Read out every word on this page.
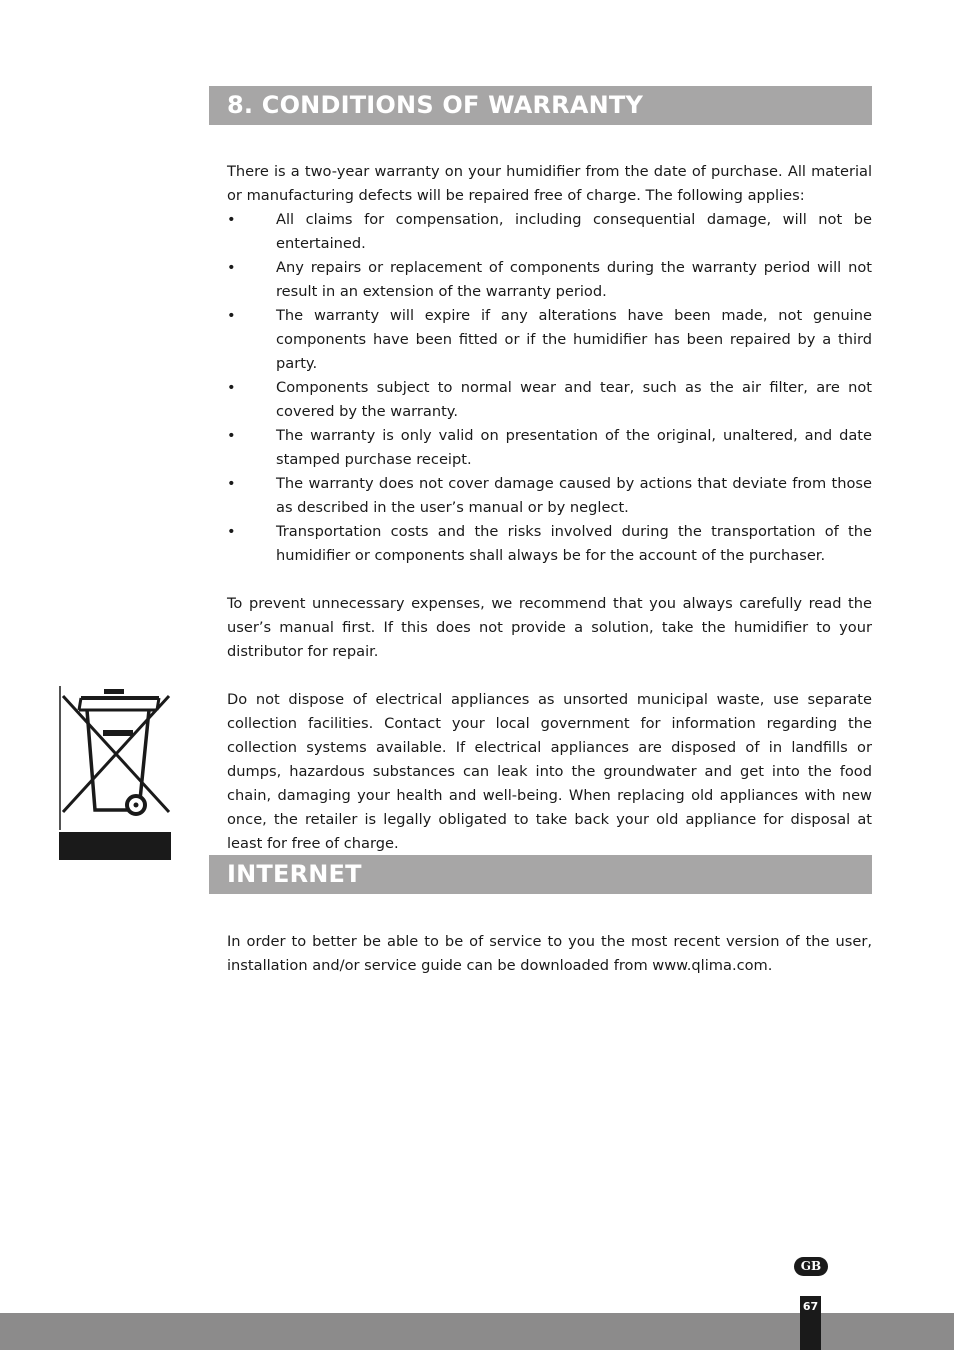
8. CONDITIONS OF WARRANTY

There is a two-year warranty on your humidifier from the date of purchase. All material or manufacturing defects will be repaired free of charge. The following applies:

•	All claims for compensation, including consequential damage, will not be entertained.
•	Any repairs or replacement of components during the warranty period will not result in an extension of the warranty period.
•	The warranty will expire if any alterations have been made, not genuine components have been fitted or if the humidifier has been repaired by a third party.
•	Components subject to normal wear and tear, such as the air filter, are not covered by the warranty.
•	The warranty is only valid on presentation of the original, unaltered, and date stamped purchase receipt.
•	The warranty does not cover damage caused by actions that deviate from those as described in the user’s manual or by neglect.
•	Transportation costs and the risks involved during the transportation of the humidifier or components shall always be for the account of the purchaser.

To prevent unnecessary expenses, we recommend that you always carefully read the user’s manual first. If this does not provide a solution, take the humidifier to your distributor for repair.

Do not dispose of electrical appliances as unsorted municipal waste, use separate collection facilities. Contact your local government for information regarding the collection systems available. If electrical appliances are disposed of in landfills or dumps, hazardous substances can leak into the groundwater and get into the food chain, damaging your health and well-being. When replacing old appliances with new once, the retailer is legally obligated to take back your old appliance for disposal at least for free of charge.

INTERNET

In order to better be able to be of service to you the most recent version of the user, installation and/or service guide can be downloaded from www.qlima.com.

GB
67
